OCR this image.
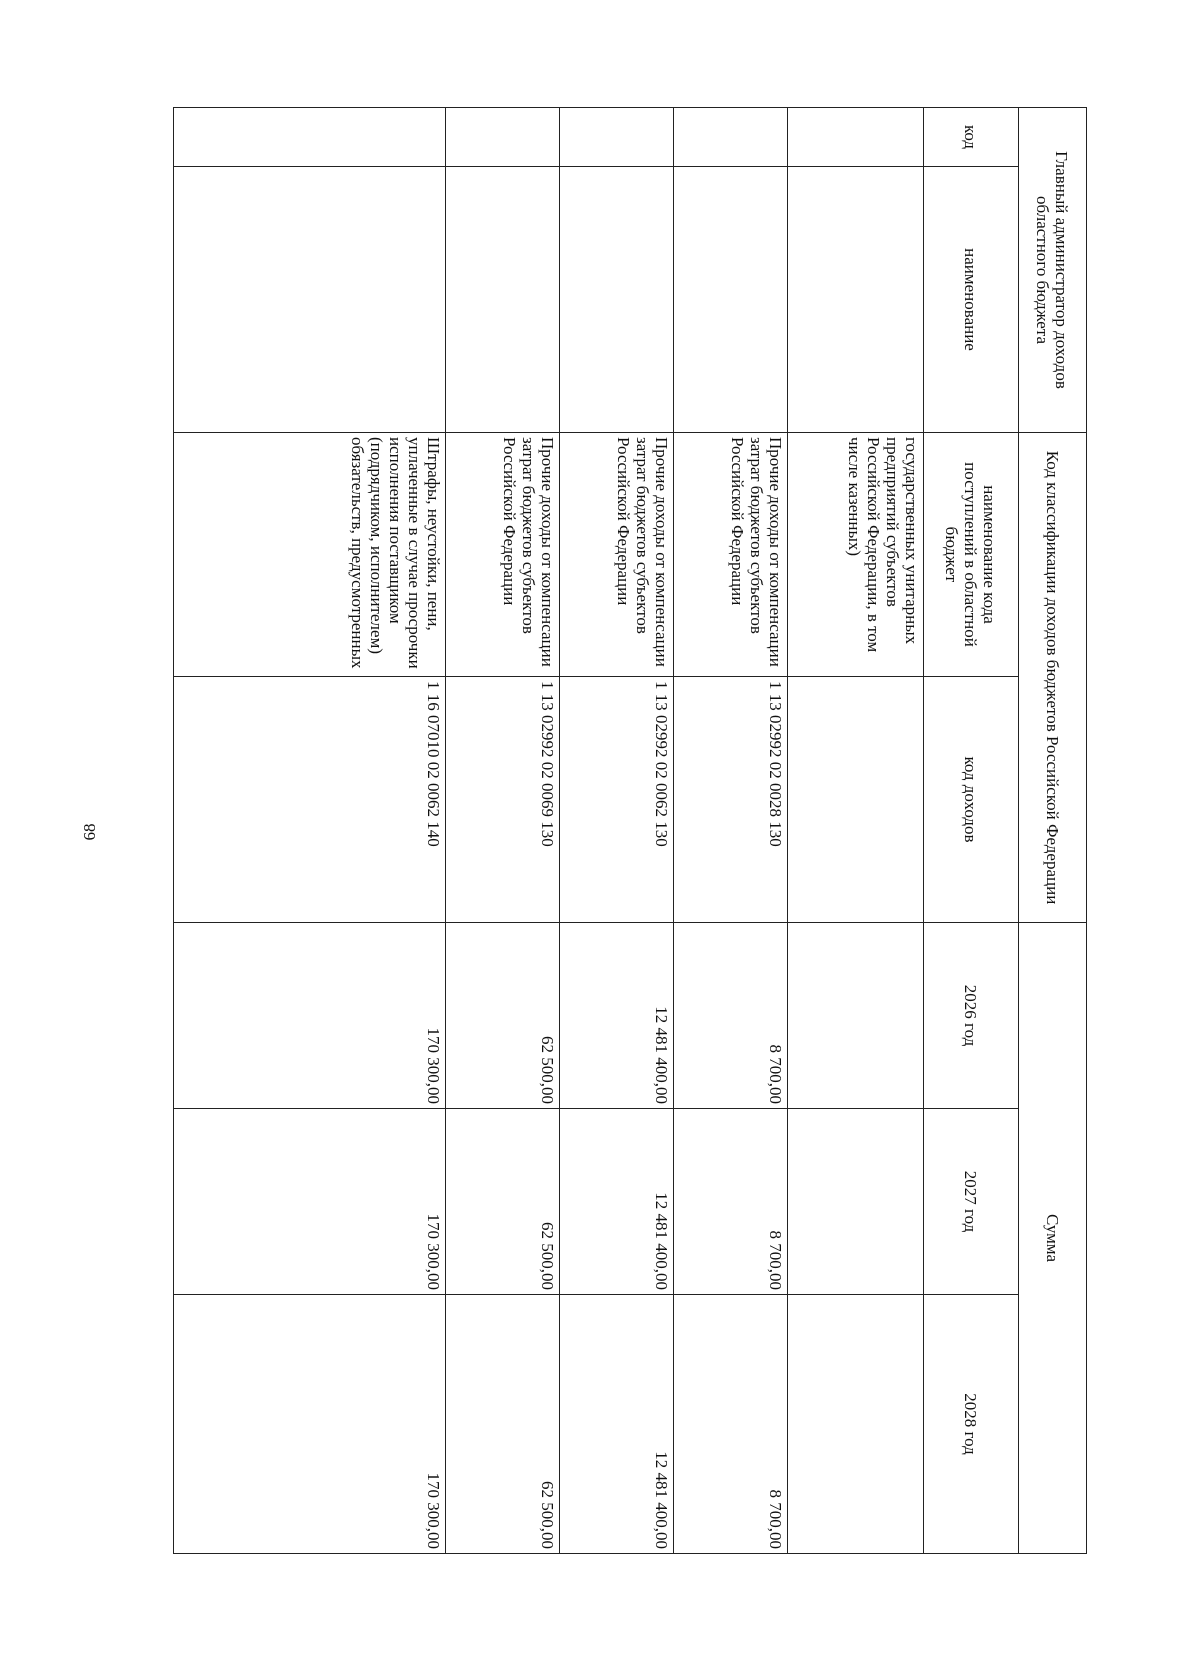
68
Главный администратор доходов областного бюджета		Код классификации доходов бюджетов Российской Федерации		Сумма		
код	наименование	наименование кода поступлений в областной бюджет	код доходов	2026 год	2027 год	2028 год
		государственных унитарных предприятий субъектов Российской Федерации, в том числе казенных)				
		Прочие доходы от компенсации затрат бюджетов субъектов Российской Федерации	1 13 02992 02 0028 130	8 700,00	8 700,00	8 700,00
		Прочие доходы от компенсации затрат бюджетов субъектов Российской Федерации	1 13 02992 02 0062 130	12 481 400,00	12 481 400,00	12 481 400,00
		Прочие доходы от компенсации затрат бюджетов субъектов Российской Федерации	1 13 02992 02 0069 130	62 500,00	62 500,00	62 500,00
		Штрафы, неустойки, пени, уплаченные в случае просрочки исполнения поставщиком (подрядчиком, исполнителем) обязательств, предусмотренных	1 16 07010 02 0062 140	170 300,00	170 300,00	170 300,00
